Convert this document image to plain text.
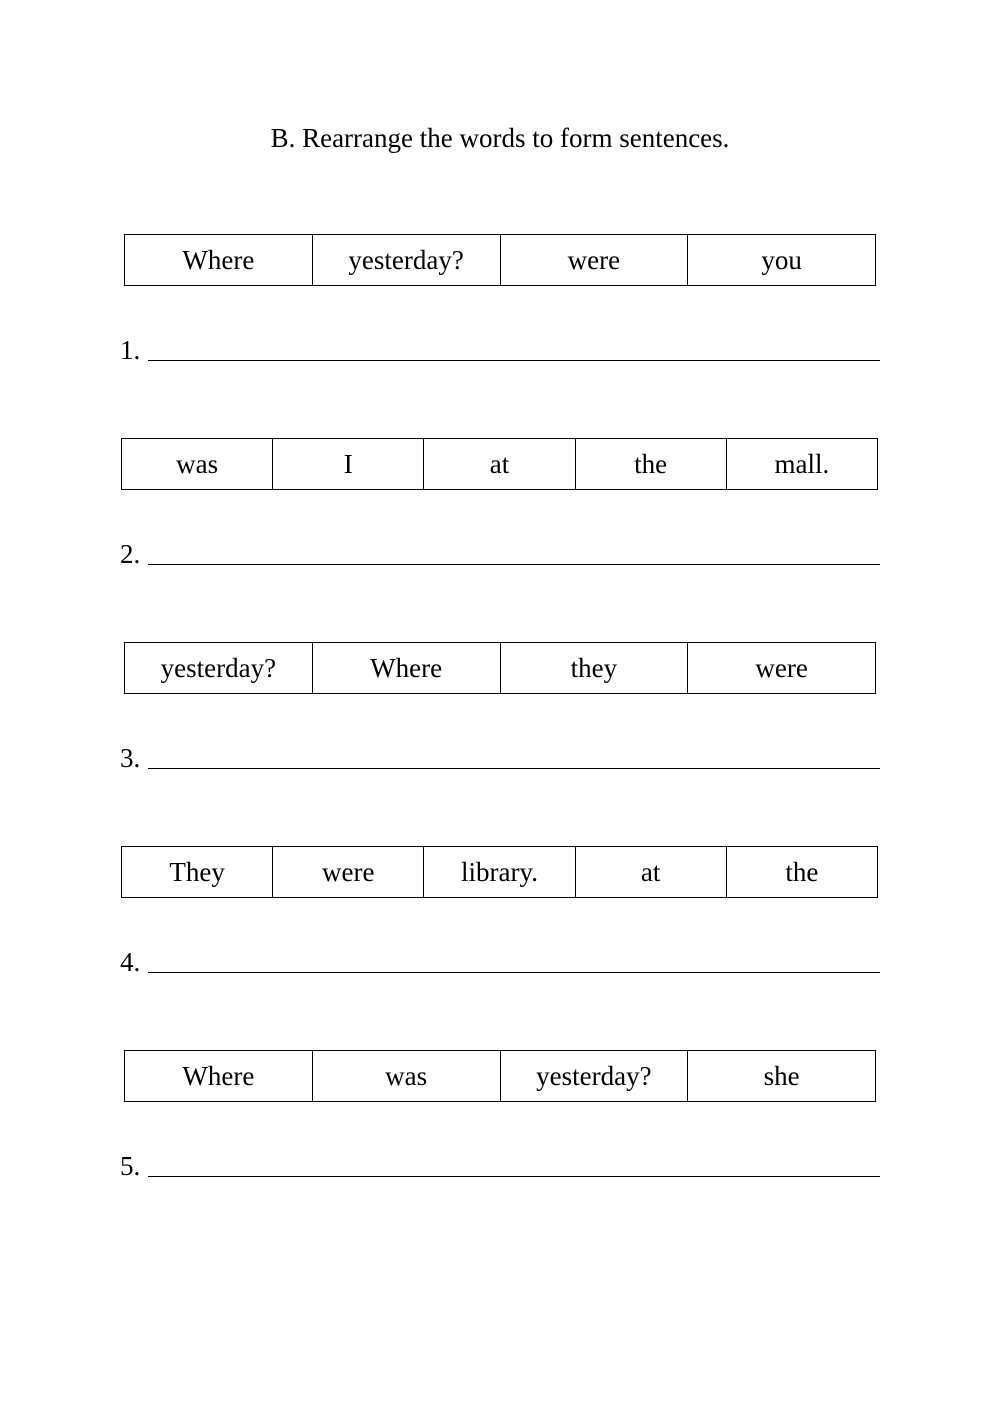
B. Rearrange the words to form sentences.
Where	yesterday?	were	you
1.
was	I	at	the	mall.
2.
yesterday?	Where	they	were
3.
They	were	library.	at	the
4.
Where	was	yesterday?	she
5.
